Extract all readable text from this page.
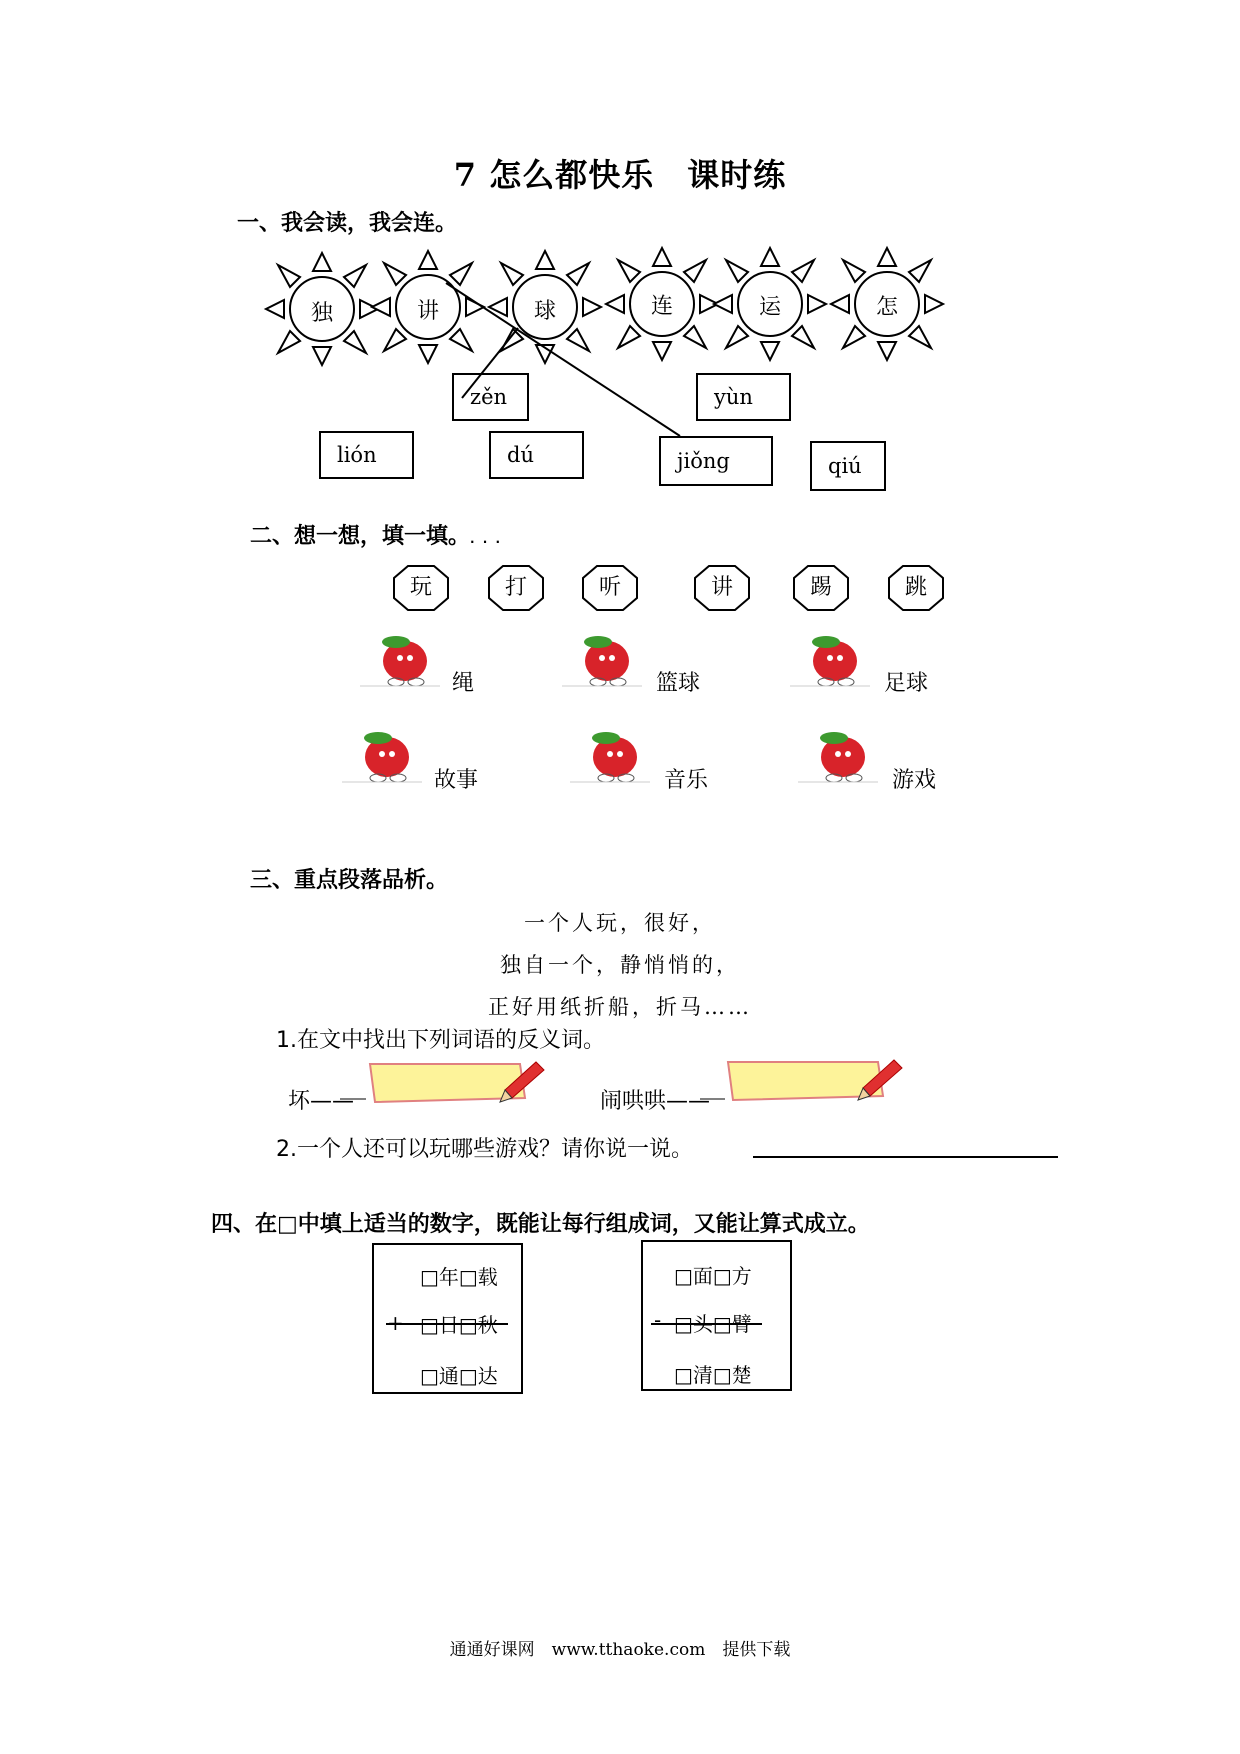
7 怎么都快乐　课时练
一、我会读，我会连。
独	讲	球	连	运	怎
zěn	yùn
lión	dú	jiǒng	qiú
二、想一想，填一填。. . .
玩	打	听	讲	踢	跳
绳	篮球	足球
故事	音乐	游戏
三、重点段落品析。
一个人玩，很好，
独自一个，静悄悄的，
正好用纸折船，折马……
1.在文中找出下列词语的反义词。
坏——	闹哄哄——
2.一个人还可以玩哪些游戏？请你说一说。
四、在□中填上适当的数字，既能让每行组成词，又能让算式成立。
□年□载
+ □日□秋
□通□达
□面□方
- □头□臂
□清□楚
通通好课网　www.tthaoke.com　提供下载
